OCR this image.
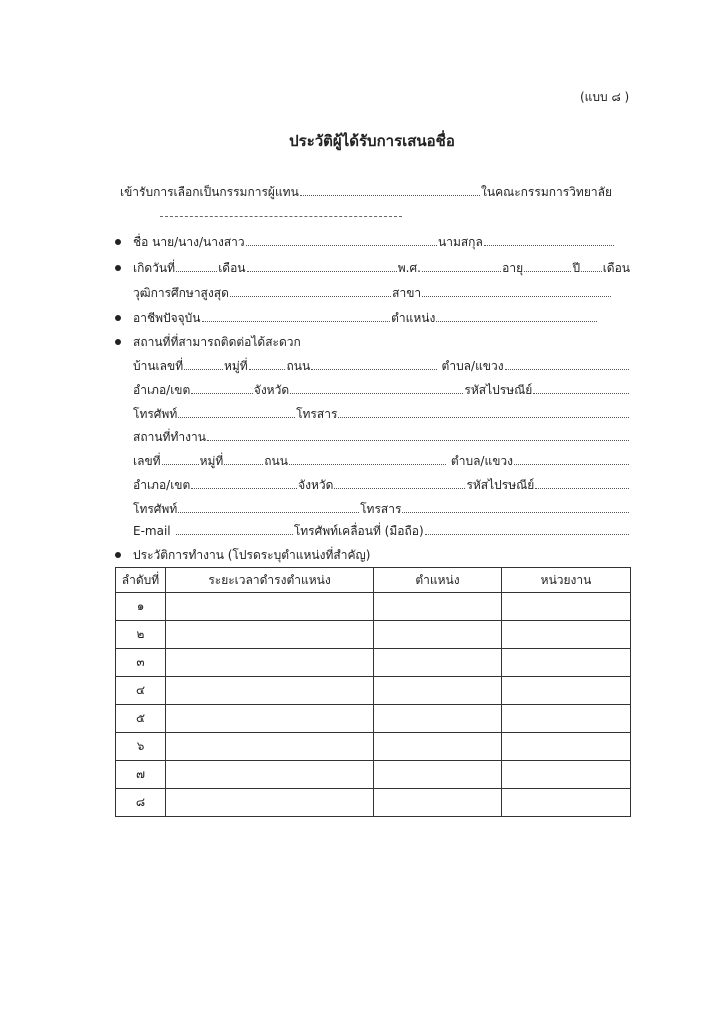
(แบบ ๘ )
ประวัติผู้ได้รับการเสนอชื่อ
เข้ารับการเลือกเป็นกรรมการผู้แทน	ในคณะกรรมการวิทยาลัย
ชื่อ นาย/นาง/นางสาว	นามสกุล
เกิดวันที่	เดือน	พ.ศ.	อายุ	ปี เดือน
วุฒิการศึกษาสูงสุด	สาขา
อาชีพปัจจุบัน	ตำแหน่ง
สถานที่ที่สามารถติดต่อได้สะดวก
บ้านเลขที่	หมู่ที่	ถนน	ตำบล/แขวง
อำเภอ/เขต	จังหวัด	รหัสไปรษณีย์
โทรศัพท์	โทรสาร
สถานที่ทำงาน
เลขที่	หมู่ที่	ถนน	ตำบล/แขวง
อำเภอ/เขต	จังหวัด	รหัสไปรษณีย์
โทรศัพท์	โทรสาร
E-mail	โทรศัพท์เคลื่อนที่ (มือถือ)
ประวัติการทำงาน (โปรดระบุตำแหน่งที่สำคัญ)
ลำดับที่	ระยะเวลาดำรงตำแหน่ง	ตำแหน่ง	หน่วยงาน
๑			
๒			
๓			
๔			
๕			
๖			
๗			
๘			
